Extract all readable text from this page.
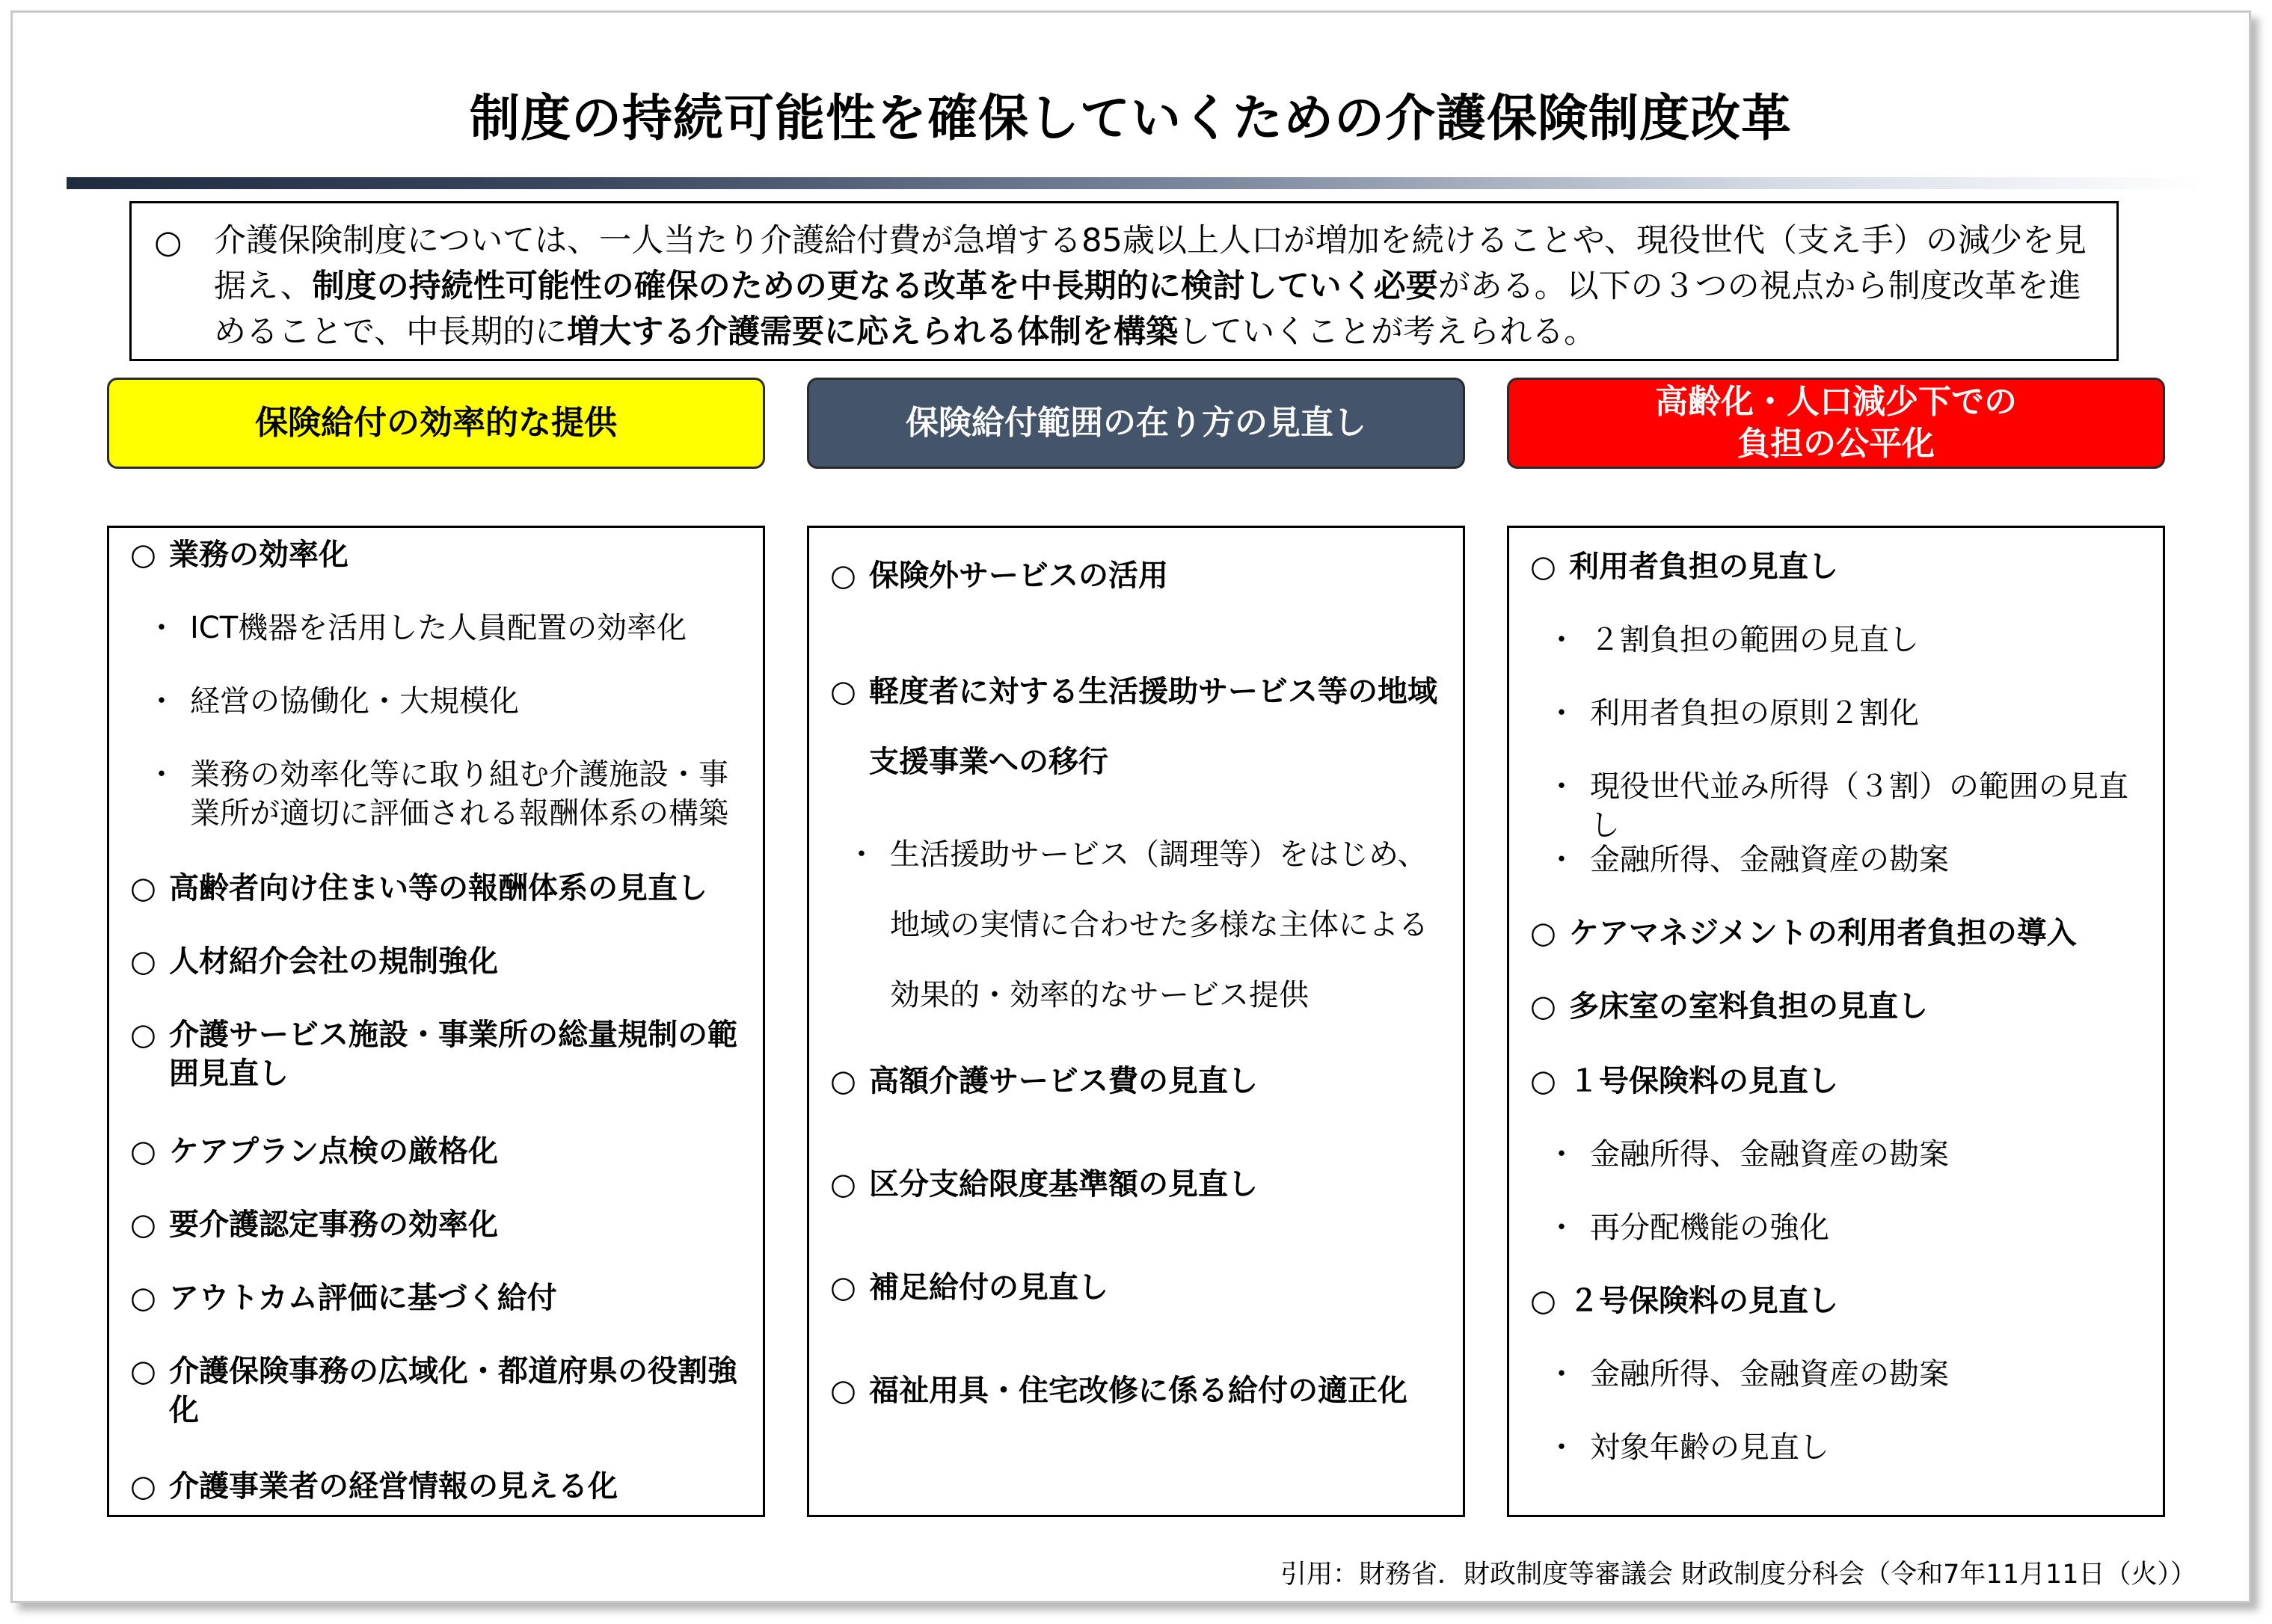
制度の持続可能性を確保していくための介護保険制度改革
○ 介護保険制度については、一人当たり介護給付費が急増する85歳以上人口が増加を続けることや、現役世代（支え手）の減少を見据え、制度の持続性可能性の確保のための更なる改革を中長期的に検討していく必要がある。以下の３つの視点から制度改革を進めることで、中長期的に増大する介護需要に応えられる体制を構築していくことが考えられる。
保険給付の効率的な提供	保険給付範囲の在り方の見直し
高齢化・人口減少下での
負担の公平化
○ 業務の効率化
・ ICT機器を活用した人員配置の効率化
・ 経営の協働化・大規模化
・ 業務の効率化等に取り組む介護施設・事業所が適切に評価される報酬体系の構築
○ 高齢者向け住まい等の報酬体系の見直し
○ 人材紹介会社の規制強化
○ 介護サービス施設・事業所の総量規制の範囲見直し
○ ケアプラン点検の厳格化
○ 要介護認定事務の効率化
○ アウトカム評価に基づく給付
○ 介護保険事務の広域化・都道府県の役割強化
○ 介護事業者の経営情報の見える化
○ 保険外サービスの活用
○ 軽度者に対する生活援助サービス等の地域支援事業への移行
・ 生活援助サービス（調理等）をはじめ、地域の実情に合わせた多様な主体による効果的・効率的なサービス提供
○ 高額介護サービス費の見直し
○ 区分支給限度基準額の見直し
○ 補足給付の見直し
○ 福祉用具・住宅改修に係る給付の適正化
○ 利用者負担の見直し
・ ２割負担の範囲の見直し
・ 利用者負担の原則２割化
・ 現役世代並み所得（３割）の範囲の見直し
・ 金融所得、金融資産の勘案
○ ケアマネジメントの利用者負担の導入
○ 多床室の室料負担の見直し
○ １号保険料の見直し
・ 金融所得、金融資産の勘案
・ 再分配機能の強化
○ ２号保険料の見直し
・ 金融所得、金融資産の勘案
・ 対象年齢の見直し
引用：財務省．財政制度等審議会 財政制度分科会（令和7年11月11日（火））
